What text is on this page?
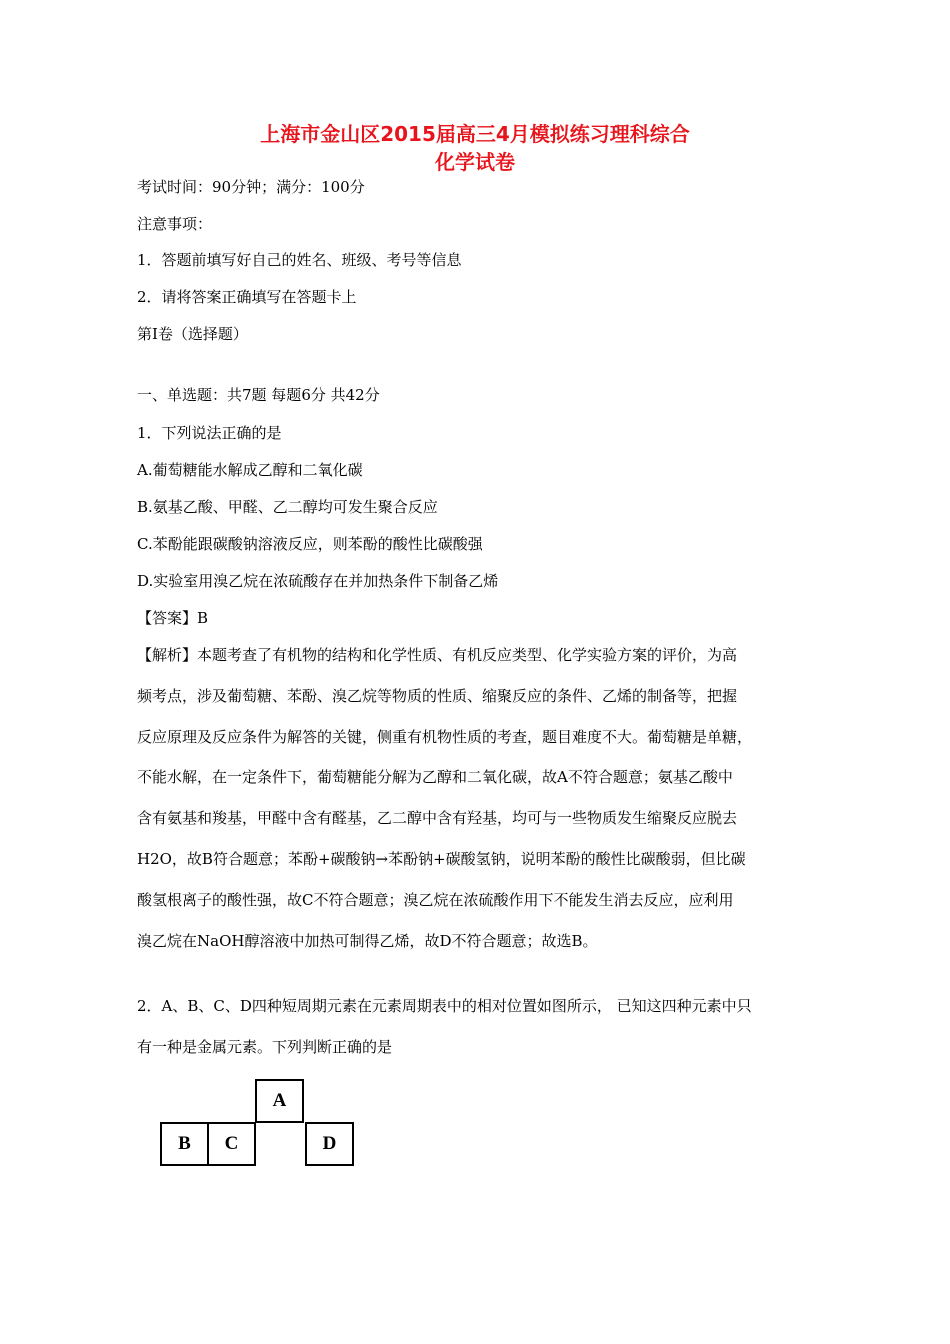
上海市金山区2015届高三4月模拟练习理科综合
化学试卷
考试时间：90分钟；满分：100分
注意事项：
1．答题前填写好自己的姓名、班级、考号等信息
2．请将答案正确填写在答题卡上
第I卷（选择题）
一、单选题：共7题 每题6分 共42分
1．下列说法正确的是
A.葡萄糖能水解成乙醇和二氧化碳
B.氨基乙酸、甲醛、乙二醇均可发生聚合反应
C.苯酚能跟碳酸钠溶液反应，则苯酚的酸性比碳酸强
D.实验室用溴乙烷在浓硫酸存在并加热条件下制备乙烯
【答案】B
【解析】本题考查了有机物的结构和化学性质、有机反应类型、化学实验方案的评价，为高
频考点，涉及葡萄糖、苯酚、溴乙烷等物质的性质、缩聚反应的条件、乙烯的制备等，把握
反应原理及反应条件为解答的关键，侧重有机物性质的考查，题目难度不大。葡萄糖是单糖，
不能水解，在一定条件下，葡萄糖能分解为乙醇和二氧化碳，故A不符合题意；氨基乙酸中
含有氨基和羧基，甲醛中含有醛基，乙二醇中含有羟基，均可与一些物质发生缩聚反应脱去
H2O，故B符合题意；苯酚+碳酸钠→苯酚钠+碳酸氢钠，说明苯酚的酸性比碳酸弱，但比碳
酸氢根离子的酸性强，故C不符合题意；溴乙烷在浓硫酸作用下不能发生消去反应，应利用
溴乙烷在NaOH醇溶液中加热可制得乙烯，故D不符合题意；故选B。
2．A、B、C、D四种短周期元素在元素周期表中的相对位置如图所示， 已知这四种元素中只
有一种是金属元素。下列判断正确的是
A
B	C	D
